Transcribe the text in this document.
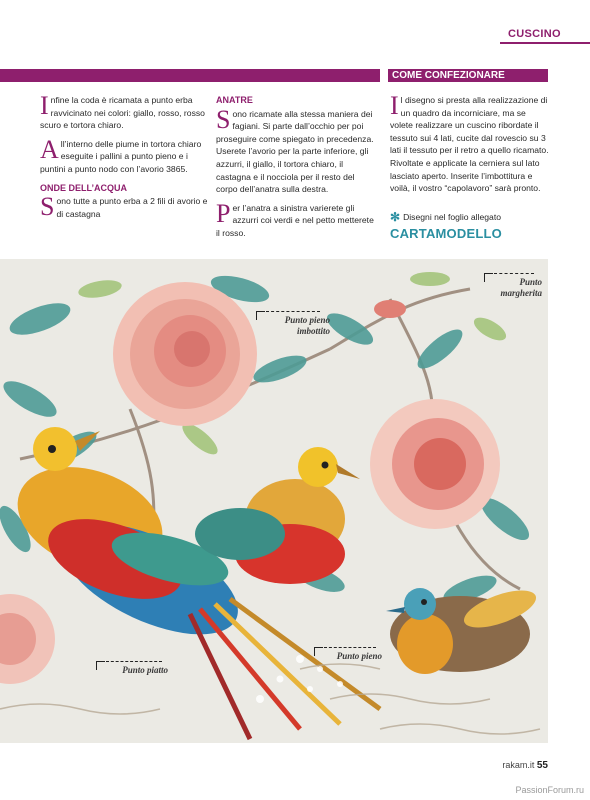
CUSCINO
COME CONFEZIONARE

Infine la coda è ricamata a punto erba ravvicinato nei colori: giallo, rosso, rosso scuro e tortora chiaro.

All’interno delle piume in tortora chiaro eseguite i pallini a punto pieno e i puntini a punto nodo con l’avorio 3865.

ONDE DELL’ACQUA

Sono tutte a punto erba a 2 fili di avorio e di castagna

ANATRE

Sono ricamate alla stessa maniera dei fagiani. Si parte dall’occhio per poi proseguire come spiegato in precedenza. Userete l’avorio per la parte inferiore, gli azzurri, il giallo, il tortora chiaro, il castagna e il nocciola per il resto del corpo dell’anatra sulla destra.

Per l’anatra a sinistra varierete gli azzurri coi verdi e nel petto metterete il rosso.

Il disegno si presta alla realizzazione di un quadro da incorniciare, ma se volete realizzare un cuscino ribordate il tessuto sui 4 lati, cucite dal rovescio su 3 lati il tessuto per il retro a quello ricamato. Rivoltate e applicate la cerniera sul lato lasciato aperto. Inserite l’imbottitura e voilà, il vostro “capolavoro” sarà pronto.

✻ Disegni nel foglio allegato
CARTAMODELLO
Punto pieno imbottito
Punto margherita
Punto piatto
Punto pieno
rakam.it 55
PassionForum.ru
